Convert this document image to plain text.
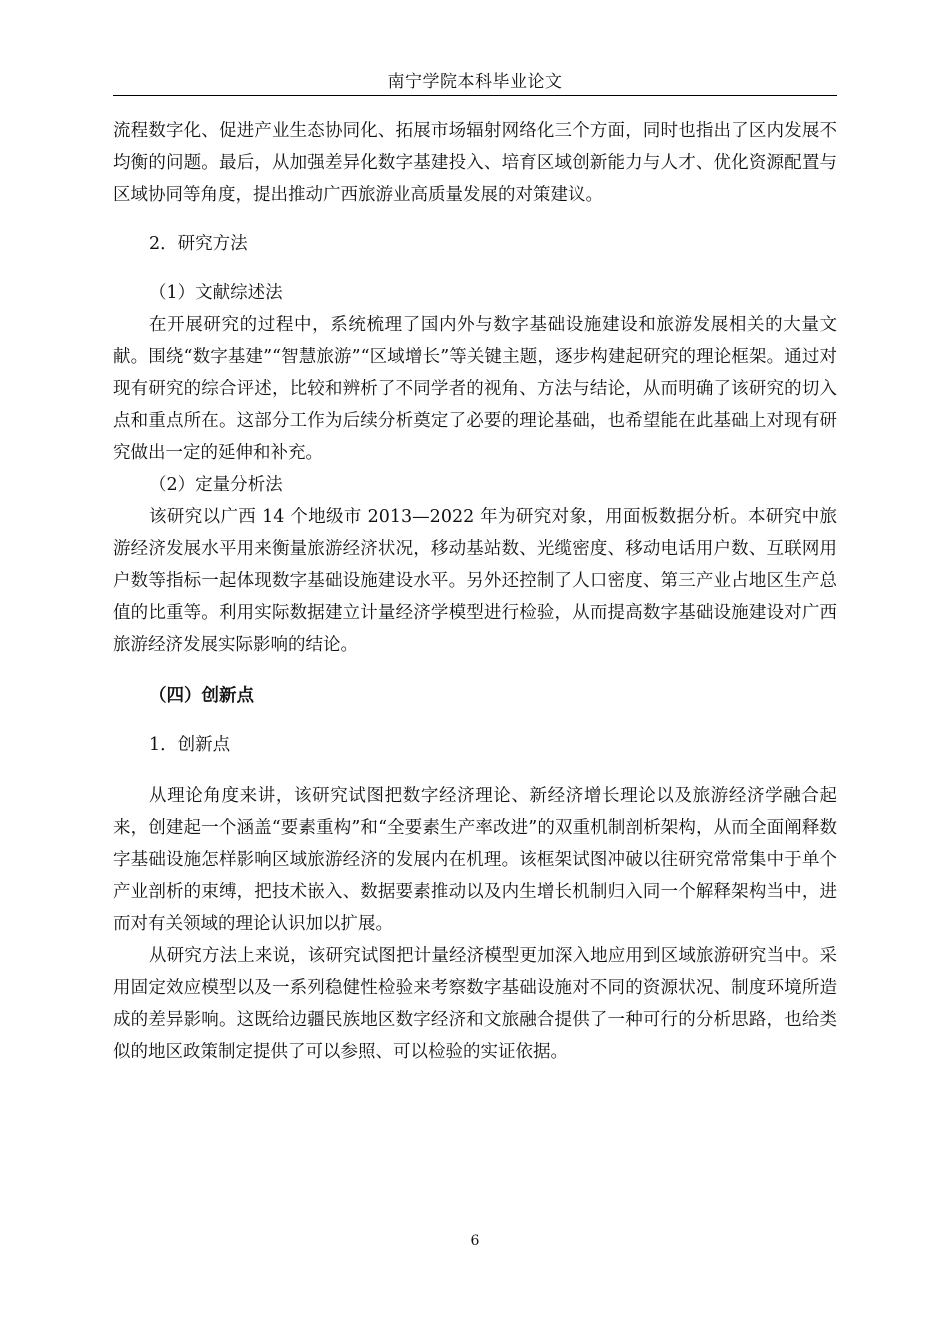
南宁学院本科毕业论文

流程数字化、促进产业生态协同化、拓展市场辐射网络化三个方面，同时也指出了区内发展不均衡的问题。最后，从加强差异化数字基建投入、培育区域创新能力与人才、优化资源配置与区域协同等角度，提出推动广西旅游业高质量发展的对策建议。

2．研究方法

（1）文献综述法

在开展研究的过程中，系统梳理了国内外与数字基础设施建设和旅游发展相关的大量文献。围绕“数字基建”“智慧旅游”“区域增长”等关键主题，逐步构建起研究的理论框架。通过对现有研究的综合评述，比较和辨析了不同学者的视角、方法与结论，从而明确了该研究的切入点和重点所在。这部分工作为后续分析奠定了必要的理论基础，也希望能在此基础上对现有研究做出一定的延伸和补充。

（2）定量分析法

该研究以广西 14 个地级市 2013—2022 年为研究对象，用面板数据分析。本研究中旅游经济发展水平用来衡量旅游经济状况，移动基站数、光缆密度、移动电话用户数、互联网用户数等指标一起体现数字基础设施建设水平。另外还控制了人口密度、第三产业占地区生产总值的比重等。利用实际数据建立计量经济学模型进行检验，从而提高数字基础设施建设对广西旅游经济发展实际影响的结论。

（四）创新点

1．创新点

从理论角度来讲，该研究试图把数字经济理论、新经济增长理论以及旅游经济学融合起来，创建起一个涵盖“要素重构”和“全要素生产率改进”的双重机制剖析架构，从而全面阐释数字基础设施怎样影响区域旅游经济的发展内在机理。该框架试图冲破以往研究常常集中于单个产业剖析的束缚，把技术嵌入、数据要素推动以及内生增长机制归入同一个解释架构当中，进而对有关领域的理论认识加以扩展。

从研究方法上来说，该研究试图把计量经济模型更加深入地应用到区域旅游研究当中。采用固定效应模型以及一系列稳健性检验来考察数字基础设施对不同的资源状况、制度环境所造成的差异影响。这既给边疆民族地区数字经济和文旅融合提供了一种可行的分析思路，也给类似的地区政策制定提供了可以参照、可以检验的实证依据。

6
